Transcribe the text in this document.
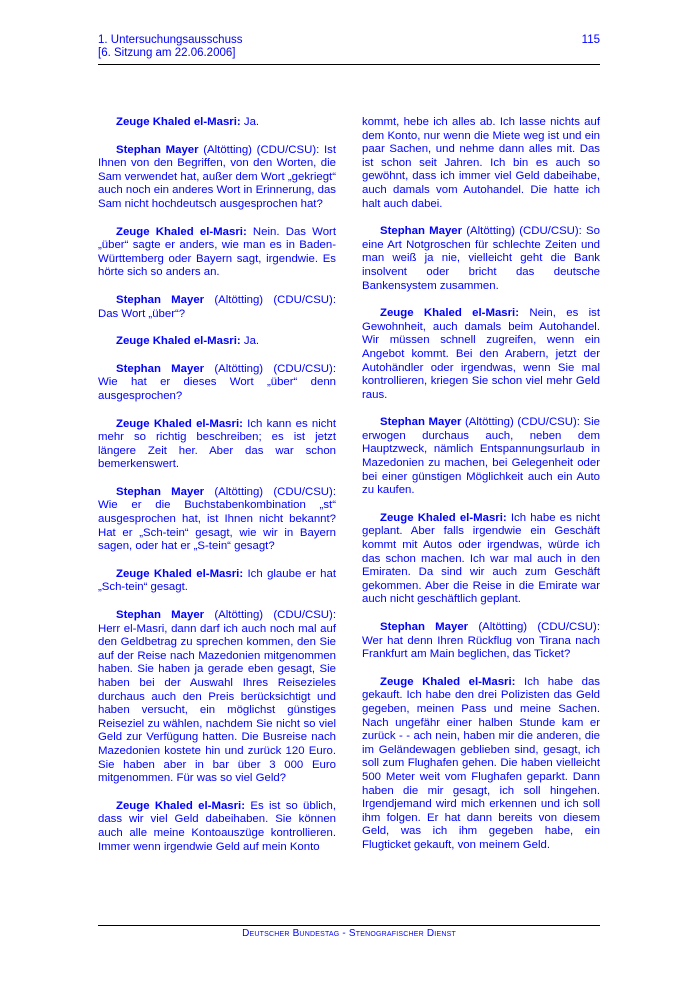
1. Untersuchungsausschuss
[6. Sitzung am 22.06.2006]
115

Zeuge Khaled el-Masri: Ja.

Stephan Mayer (Altötting) (CDU/CSU): Ist Ihnen von den Begriffen, von den Worten, die Sam verwendet hat, außer dem Wort „gekriegt“ auch noch ein anderes Wort in Erinnerung, das Sam nicht hochdeutsch ausgesprochen hat?

Zeuge Khaled el-Masri: Nein. Das Wort „über“ sagte er anders, wie man es in Baden-Württemberg oder Bayern sagt, irgendwie. Es hörte sich so anders an.

Stephan Mayer (Altötting) (CDU/CSU): Das Wort „über“?

Zeuge Khaled el-Masri: Ja.

Stephan Mayer (Altötting) (CDU/CSU): Wie hat er dieses Wort „über“ denn ausgesprochen?

Zeuge Khaled el-Masri: Ich kann es nicht mehr so richtig beschreiben; es ist jetzt längere Zeit her. Aber das war schon bemerkenswert.

Stephan Mayer (Altötting) (CDU/CSU): Wie er die Buchstabenkombination „st“ ausgesprochen hat, ist Ihnen nicht bekannt? Hat er „Sch-tein“ gesagt, wie wir in Bayern sagen, oder hat er „S-tein“ gesagt?

Zeuge Khaled el-Masri: Ich glaube er hat „Sch-tein“ gesagt.

Stephan Mayer (Altötting) (CDU/CSU): Herr el-Masri, dann darf ich auch noch mal auf den Geldbetrag zu sprechen kommen, den Sie auf der Reise nach Mazedonien mitgenommen haben. Sie haben ja gerade eben gesagt, Sie haben bei der Auswahl Ihres Reisezieles durchaus auch den Preis berücksichtigt und haben versucht, ein möglichst günstiges Reiseziel zu wählen, nachdem Sie nicht so viel Geld zur Verfügung hatten. Die Busreise nach Mazedonien kostete hin und zurück 120 Euro. Sie haben aber in bar über 3 000 Euro mitgenommen. Für was so viel Geld?

Zeuge Khaled el-Masri: Es ist so üblich, dass wir viel Geld dabeihaben. Sie können auch alle meine Kontoauszüge kontrollieren. Immer wenn irgendwie Geld auf mein Konto

kommt, hebe ich alles ab. Ich lasse nichts auf dem Konto, nur wenn die Miete weg ist und ein paar Sachen, und nehme dann alles mit. Das ist schon seit Jahren. Ich bin es auch so gewöhnt, dass ich immer viel Geld dabeihabe, auch damals vom Autohandel. Die hatte ich halt auch dabei.

Stephan Mayer (Altötting) (CDU/CSU): So eine Art Notgroschen für schlechte Zeiten und man weiß ja nie, vielleicht geht die Bank insolvent oder bricht das deutsche Bankensystem zusammen.

Zeuge Khaled el-Masri: Nein, es ist Gewohnheit, auch damals beim Autohandel. Wir müssen schnell zugreifen, wenn ein Angebot kommt. Bei den Arabern, jetzt der Autohändler oder irgendwas, wenn Sie mal kontrollieren, kriegen Sie schon viel mehr Geld raus.

Stephan Mayer (Altötting) (CDU/CSU): Sie erwogen durchaus auch, neben dem Hauptzweck, nämlich Entspannungsurlaub in Mazedonien zu machen, bei Gelegenheit oder bei einer günstigen Möglichkeit auch ein Auto zu kaufen.

Zeuge Khaled el-Masri: Ich habe es nicht geplant. Aber falls irgendwie ein Geschäft kommt mit Autos oder irgendwas, würde ich das schon machen. Ich war mal auch in den Emiraten. Da sind wir auch zum Geschäft gekommen. Aber die Reise in die Emirate war auch nicht geschäftlich geplant.

Stephan Mayer (Altötting) (CDU/CSU): Wer hat denn Ihren Rückflug von Tirana nach Frankfurt am Main beglichen, das Ticket?

Zeuge Khaled el-Masri: Ich habe das gekauft. Ich habe den drei Polizisten das Geld gegeben, meinen Pass und meine Sachen. Nach ungefähr einer halben Stunde kam er zurück - - ach nein, haben mir die anderen, die im Geländewagen geblieben sind, gesagt, ich soll zum Flughafen gehen. Die haben vielleicht 500 Meter weit vom Flughafen geparkt. Dann haben die mir gesagt, ich soll hingehen. Irgendjemand wird mich erkennen und ich soll ihm folgen. Er hat dann bereits von diesem Geld, was ich ihm gegeben habe, ein Flugticket gekauft, von meinem Geld.

Deutscher Bundestag - Stenografischer Dienst
